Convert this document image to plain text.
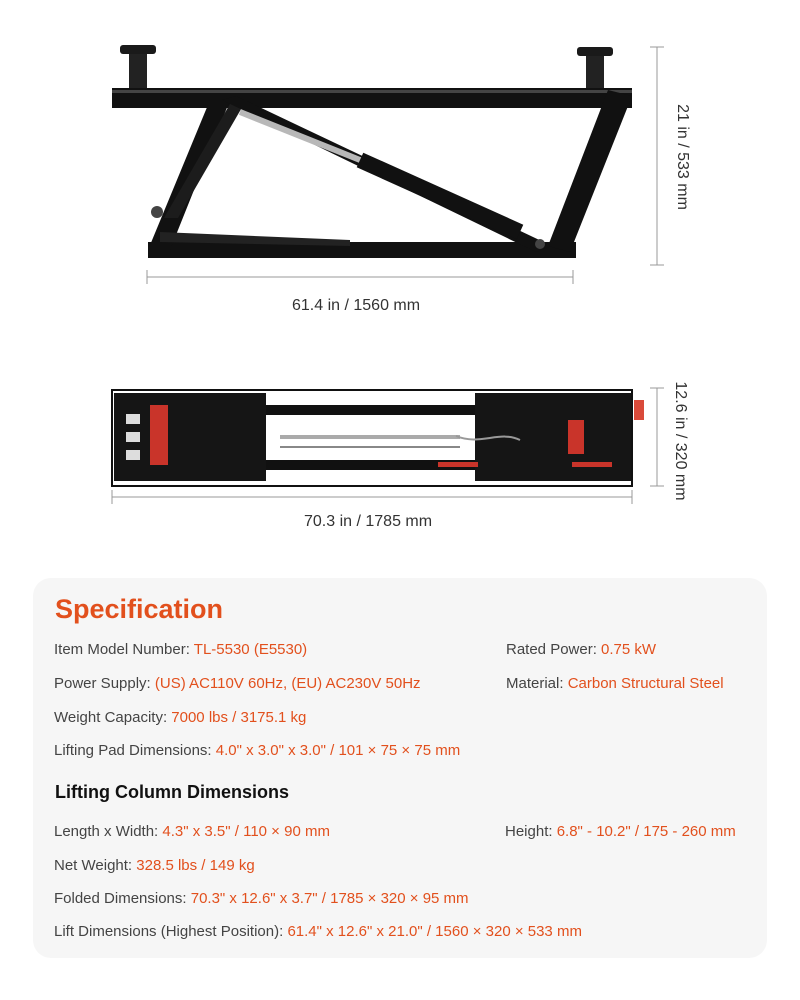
61.4 in / 1560 mm
21 in / 533 mm
70.3 in / 1785 mm
12.6 in / 320 mm
Specification
Item Model Number: TL-5530 (E5530)	Rated Power: 0.75 kW
Power Supply: (US) AC110V 60Hz, (EU) AC230V 50Hz	Material: Carbon Structural Steel
Weight Capacity: 7000 lbs / 3175.1 kg
Lifting Pad Dimensions: 4.0" x 3.0" x 3.0" / 101 × 75 × 75 mm
Lifting Column Dimensions
Length x Width: 4.3" x 3.5" / 110 × 90 mm	Height: 6.8" - 10.2" / 175 - 260 mm
Net Weight: 328.5 lbs / 149 kg
Folded Dimensions: 70.3" x 12.6" x 3.7" / 1785 × 320 × 95 mm
Lift Dimensions (Highest Position): 61.4" x 12.6" x 21.0" / 1560 × 320 × 533 mm
